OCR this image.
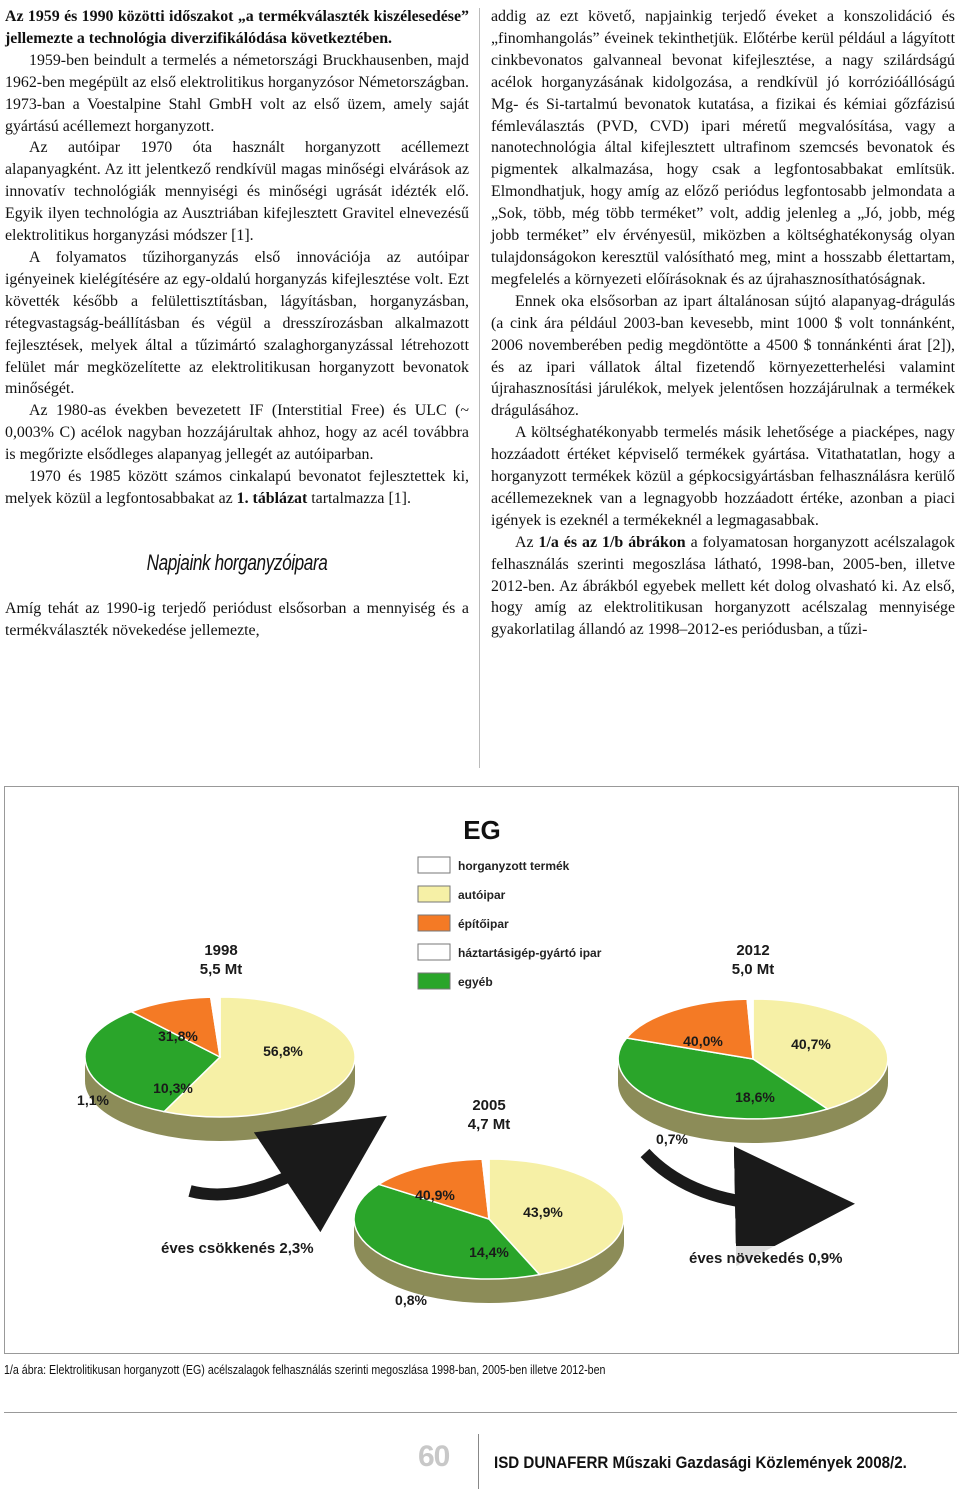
Az 1959 és 1990 közötti időszakot „a termékválaszték kiszélesedése” jellemezte a technológia diverzifikálódása következtében.

1959-ben beindult a termelés a németországi Bruckhausenben, majd 1962-ben megépült az első elektrolitikus horganyzósor Németországban. 1973-ban a Voestalpine Stahl GmbH volt az első üzem, amely saját gyártású acéllemezt horganyzott.

Az autóipar 1970 óta használt horganyzott acéllemezt alapanyagként. Az itt jelentkező rendkívül magas minőségi elvárások az innovatív technológiák mennyiségi és minőségi ugrását idézték elő. Egyik ilyen technológia az Ausztriában kifejlesztett Gravitel elnevezésű elektrolitikus horganyzási módszer [1].

A folyamatos tűzihorganyzás első innovációja az autóipar igényeinek kielégítésére az egy-oldalú horganyzás kifejlesztése volt. Ezt követték később a felülettisztításban, lágyításban, horganyzásban, rétegvastagság-beállításban és végül a dresszírozásban alkalmazott fejlesztések, melyek által a tűzimártó szalaghorganyzással létrehozott felület már megközelítette az elektrolitikusan horganyzott bevonatok minőségét.

Az 1980-as években bevezetett IF (Interstitial Free) és ULC (~ 0,003% C) acélok nagyban hozzájárultak ahhoz, hogy az acél továbbra is megőrizte elsődleges alapanyag jellegét az autóiparban.

1970 és 1985 között számos cinkalapú bevonatot fejlesztettek ki, melyek közül a legfontosabbakat az 1. táblázat tartalmazza [1].

Napjaink horganyzóipara

Amíg tehát az 1990-ig terjedő periódust elsősorban a mennyiség és a termékválaszték növekedése jellemezte,

addig az ezt követő, napjainkig terjedő éveket a konszolidáció és „finomhangolás” éveinek tekinthetjük. Előtérbe kerül például a lágyított cinkbevonatos galvanneal bevonat kifejlesztése, a nagy szilárdságú acélok horganyzásának kidolgozása, a rendkívül jó korrózióállóságú Mg- és Si-tartalmú bevonatok kutatása, a fizikai és kémiai gőzfázisú fémleválasztás (PVD, CVD) ipari méretű megvalósítása, vagy a nanotechnológia által kifejlesztett ultrafinom szemcsés bevonatok és pigmentek alkalmazása, hogy csak a legfontosabbakat említsük. Elmondhatjuk, hogy amíg az előző periódus legfontosabb jelmondata a „Sok, több, még több terméket” volt, addig jelenleg a „Jó, jobb, még jobb terméket” elv érvényesül, miközben a költséghatékonyság olyan tulajdonságokon keresztül valósítható meg, mint a hosszabb élettartam, megfelelés a környezeti előírásoknak és az újrahasznosíthatóságnak.

Ennek oka elsősorban az ipart általánosan sújtó alapanyag-drágulás (a cink ára például 2003-ban kevesebb, mint 1000 $ volt tonnánként, 2006 novemberében pedig megdöntötte a 4500 $ tonnánkénti árat [2]), és az ipari vállatok által fizetendő környezetterhelési valamint újrahasznosítási járulékok, melyek jelentősen hozzájárulnak a termékek drágulásához.

A költséghatékonyabb termelés másik lehetősége a piacképes, nagy hozzáadott értéket képviselő termékek gyártása. Vitathatatlan, hogy a horganyzott termékek közül a gépkocsigyártásban felhasználásra kerülő acéllemezeknek van a legnagyobb hozzáadott értéke, azonban a piaci igények is ezeknél a termékeknél a legmagasabbak.

Az 1/a és az 1/b ábrákon a folyamatosan horganyzott acélszalagok felhasználás szerinti megoszlása látható, 1998-ban, 2005-ben, illetve 2012-ben. Az ábrákból egyebek mellett két dolog olvasható ki. Az első, hogy amíg az elektrolitikusan horganyzott acélszalag mennyisége gyakorlatilag állandó az 1998–2012-es periódusban, a tűzi-

EG
horganyzott termék
autóipar
építőipar
háztartásigép-gyártó ipar
egyéb
1998
5,5 Mt
2012
5,0 Mt
2005
4,7 Mt
éves csökkenés 2,3%
éves növekedés 0,9%
56,8%
31,8%
10,3%
1,1%
43,9%
40,9%
14,4%
0,8%
40,7%
40,0%
18,6%
0,7%
1/a ábra: Elektrolitikusan horganyzott (EG) acélszalagok felhasználás szerinti megoszlása 1998-ban, 2005-ben illetve 2012-ben
60	ISD DUNAFERR Műszaki Gazdasági Közlemények 2008/2.
